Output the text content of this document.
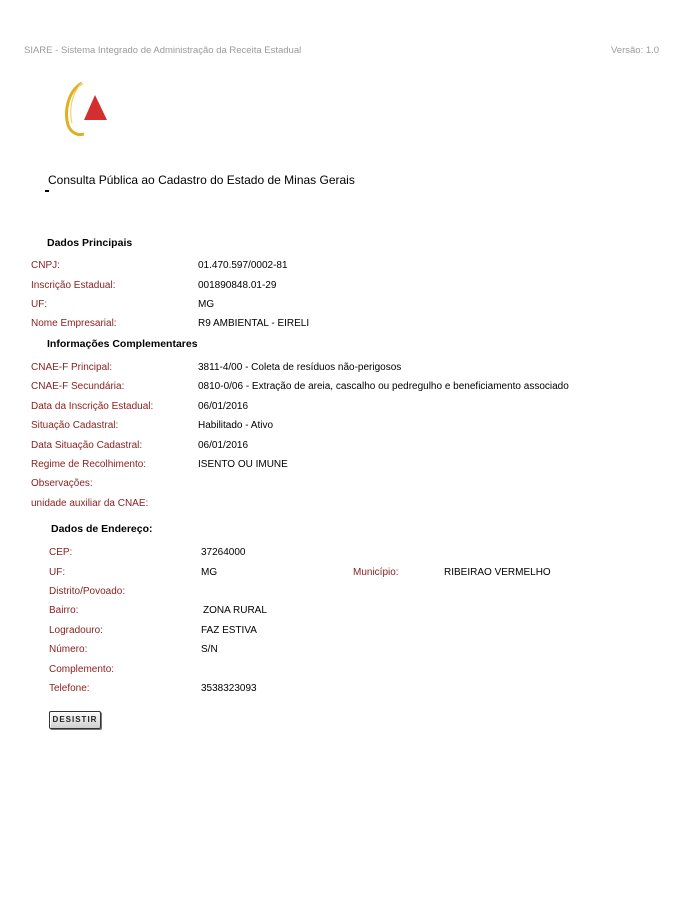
SIARE - Sistema Integrado de Administração da Receita Estadual	Versão: 1.0
Consulta Pública ao Cadastro do Estado de Minas Gerais
Dados Principais
CNPJ:	01.470.597/0002-81
Inscrição Estadual:	001890848.01-29
UF:	MG
Nome Empresarial:	R9 AMBIENTAL - EIRELI
Informações Complementares
CNAE-F Principal:	3811-4/00 - Coleta de resíduos não-perigosos
CNAE-F Secundária:	0810-0/06 - Extração de areia, cascalho ou pedregulho e beneficiamento associado
Data da Inscrição Estadual:	06/01/2016
Situação Cadastral:	Habilitado - Ativo
Data Situação Cadastral:	06/01/2016
Regime de Recolhimento:	ISENTO OU IMUNE
Observações:
unidade auxiliar da CNAE:
Dados de Endereço:
CEP:	37264000
UF:	MG	Município:	RIBEIRAO VERMELHO
Distrito/Povoado:
Bairro:	ZONA RURAL
Logradouro:	FAZ ESTIVA
Número:	S/N
Complemento:
Telefone:	3538323093
DESISTIR
